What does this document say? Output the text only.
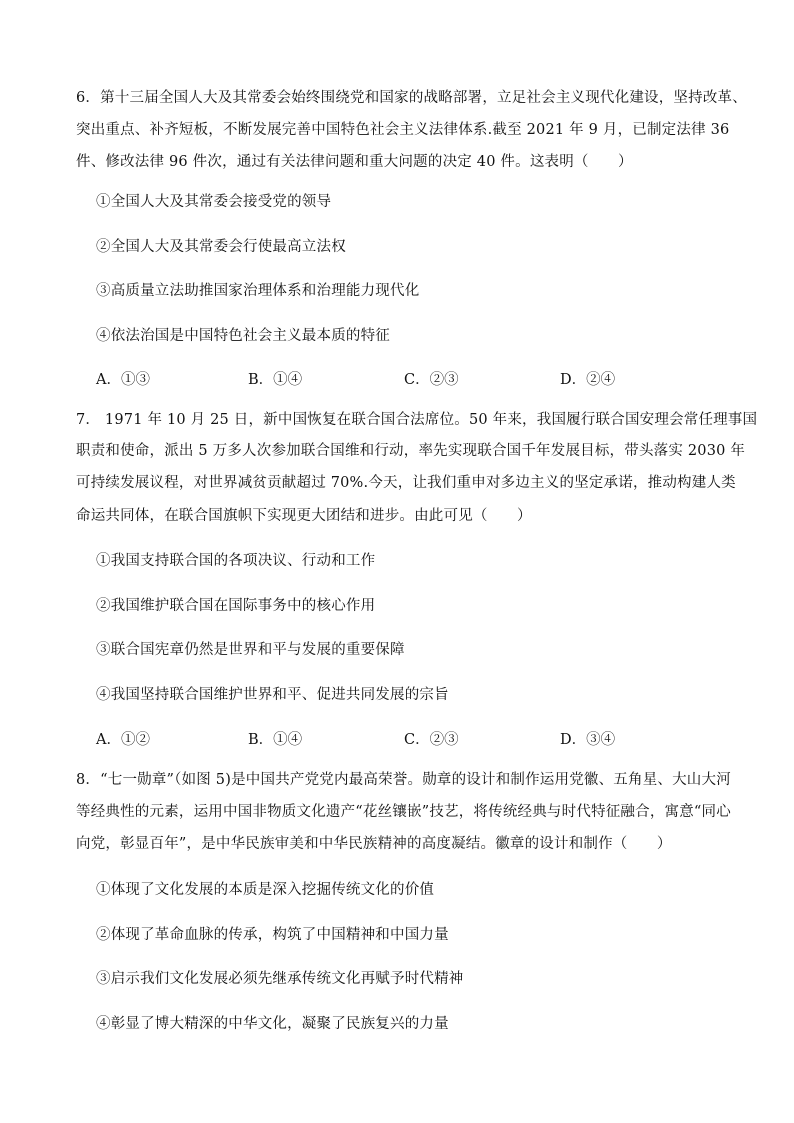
6．第十三届全国人大及其常委会始终围绕党和国家的战略部署，立足社会主义现代化建设，坚持改革、
突出重点、补齐短板，不断发展完善中国特色社会主义法律体系.截至 2021 年 9 月，已制定法律 36
件、修改法律 96 件次，通过有关法律问题和重大问题的决定 40 件。这表明（　　）
①全国人大及其常委会接受党的领导
②全国人大及其常委会行使最高立法权
③高质量立法助推国家治理体系和治理能力现代化
④依法治国是中国特色社会主义最本质的特征
A．①③	B．①④	C．②③	D．②④
7． 1971 年 10 月 25 日，新中国恢复在联合国合法席位。50 年来，我国履行联合国安理会常任理事国
职责和使命，派出 5 万多人次参加联合国维和行动，率先实现联合国千年发展目标，带头落实 2030 年
可持续发展议程，对世界减贫贡献超过 70%.今天，让我们重申对多边主义的坚定承诺，推动构建人类
命运共同体，在联合国旗帜下实现更大团结和进步。由此可见（　　）
①我国支持联合国的各项决议、行动和工作
②我国维护联合国在国际事务中的核心作用
③联合国宪章仍然是世界和平与发展的重要保障
④我国坚持联合国维护世界和平、促进共同发展的宗旨
A．①②	B．①④	C．②③	D．③④
8．“七一勋章”（如图 5)是中国共产党党内最高荣誉。勋章的设计和制作运用党徽、五角星、大山大河
等经典性的元素，运用中国非物质文化遗产“花丝镶嵌”技艺，将传统经典与时代特征融合，寓意“同心
向党，彰显百年”，是中华民族审美和中华民族精神的高度凝结。徽章的设计和制作（　　）
①体现了文化发展的本质是深入挖掘传统文化的价值
②体现了革命血脉的传承，构筑了中国精神和中国力量
③启示我们文化发展必须先继承传统文化再赋予时代精神
④彰显了博大精深的中华文化，凝聚了民族复兴的力量
